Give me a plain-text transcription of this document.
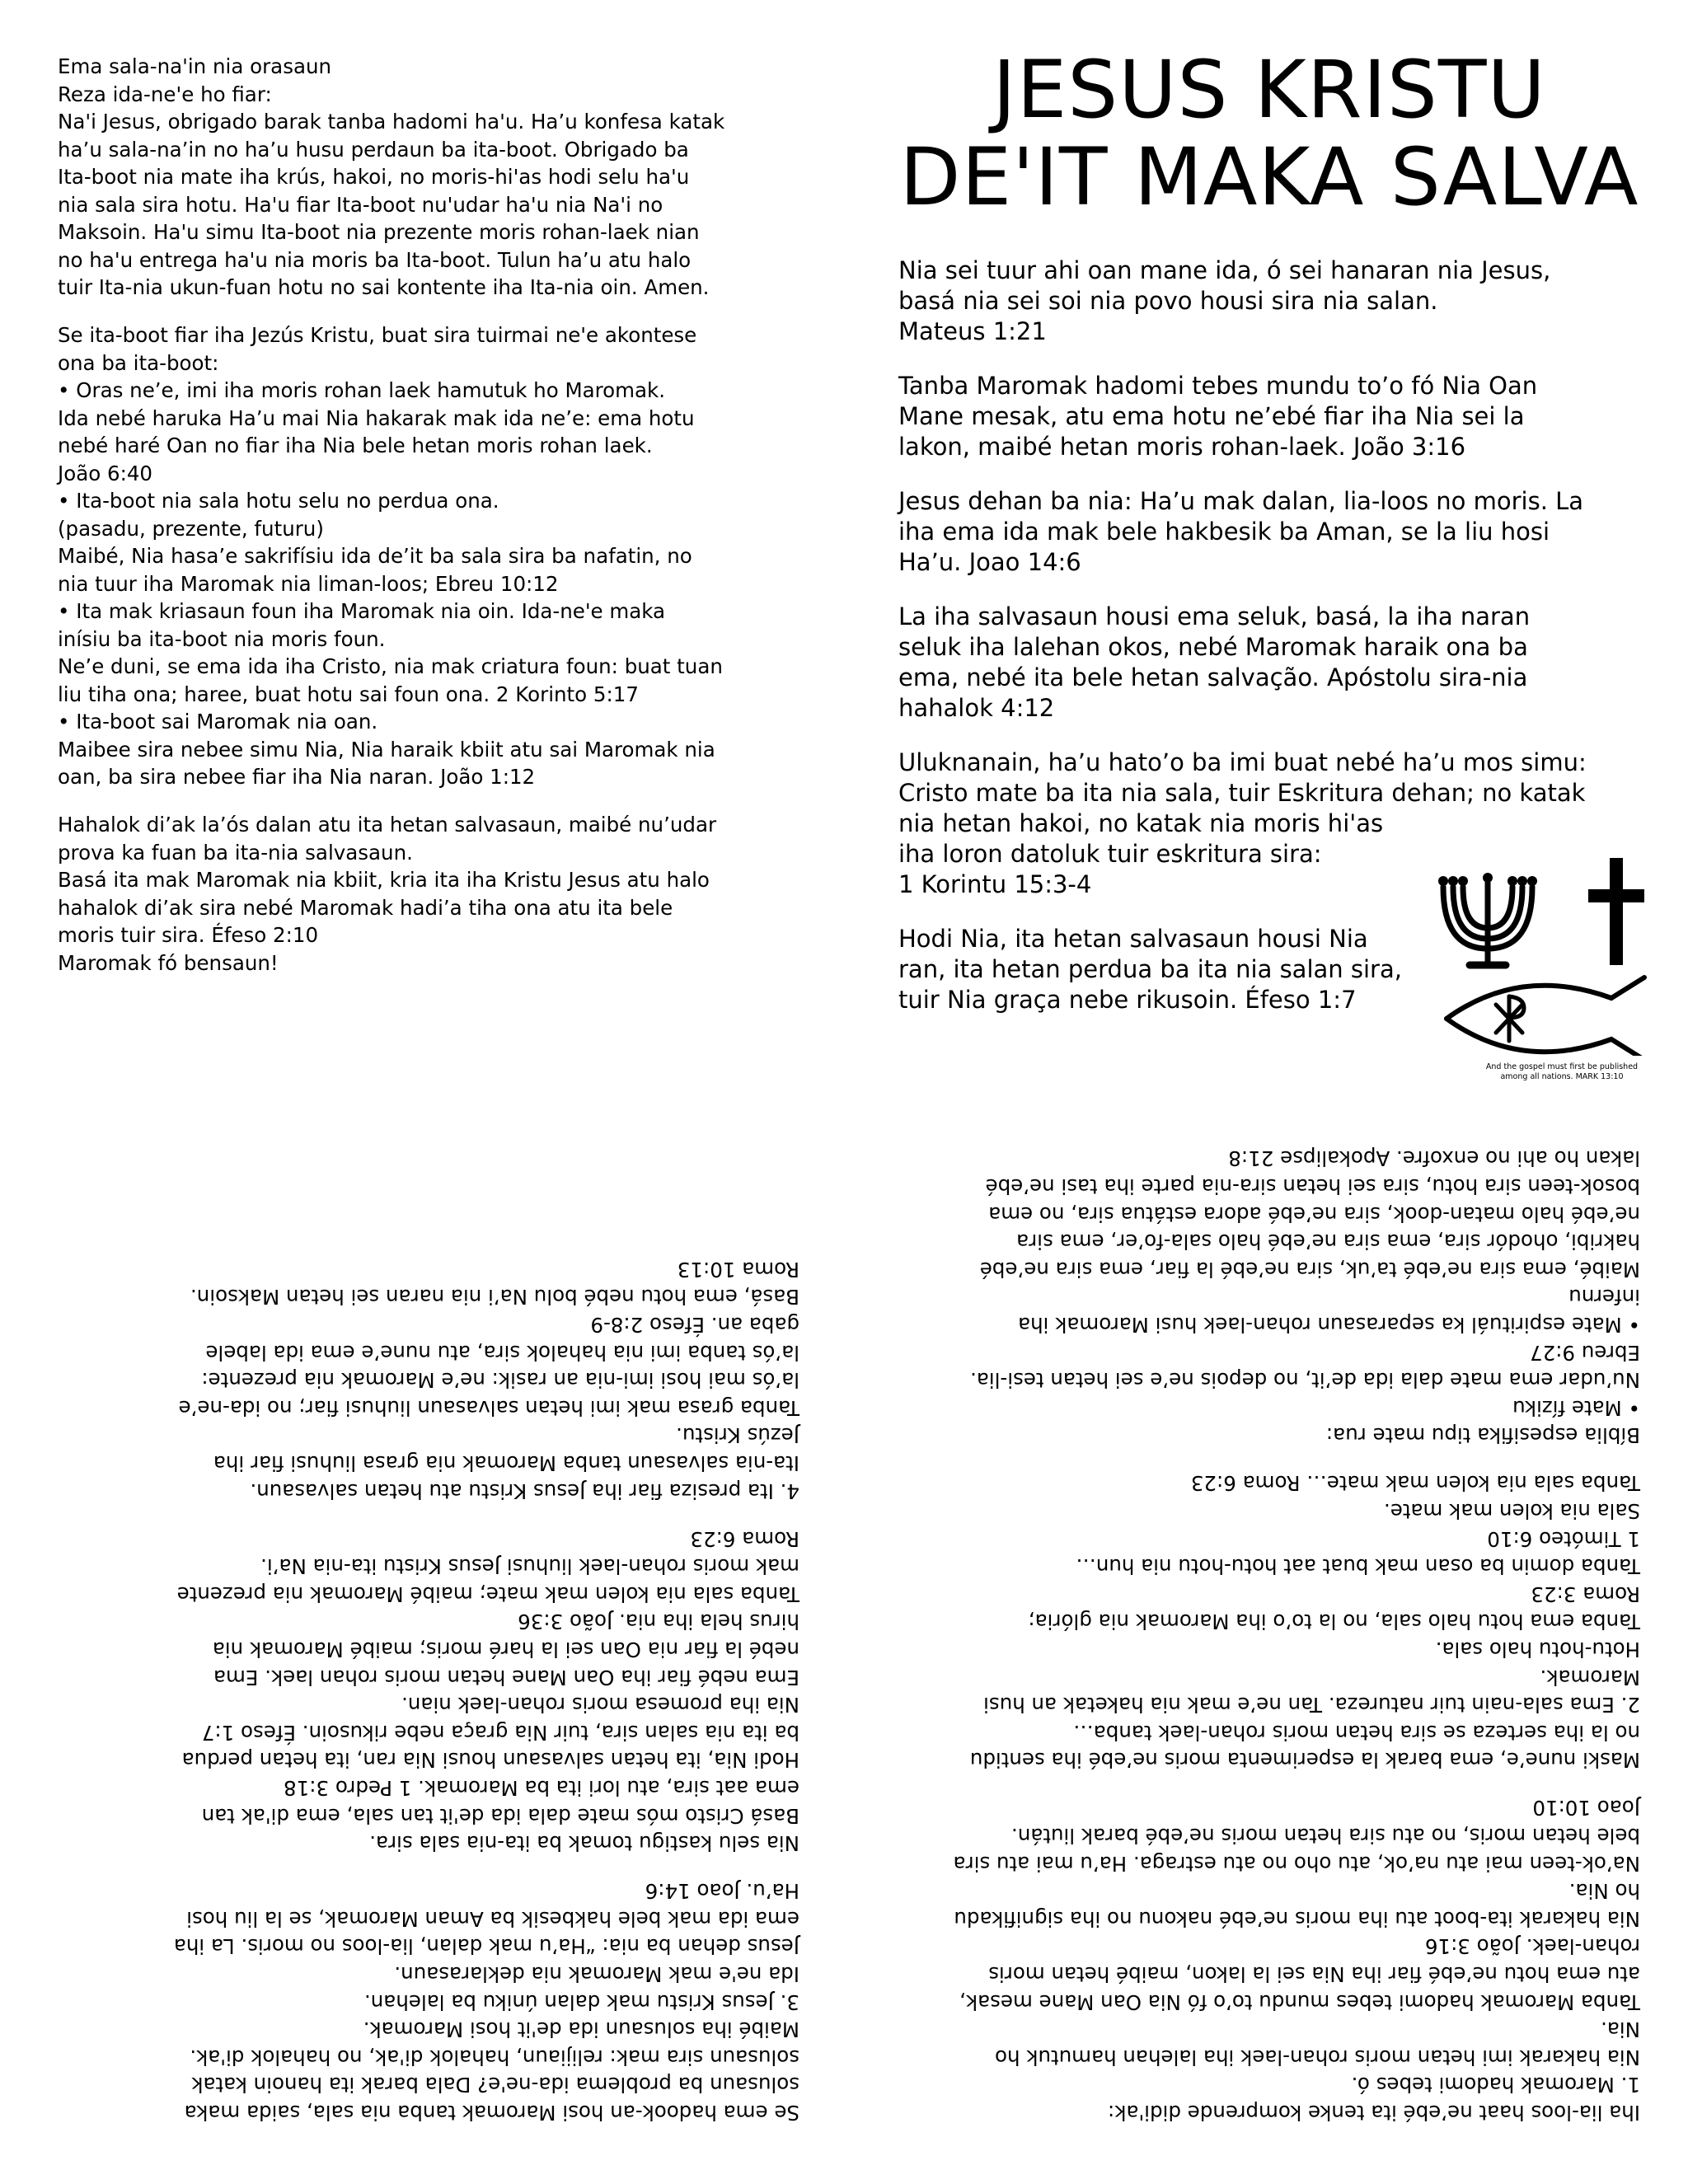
Ema sala-na'in nia orasaun
Reza ida-ne'e ho fiar:
Na'i Jesus, obrigado barak tanba hadomi ha'u. Ha’u konfesa katak
ha’u sala-na’in no ha’u husu perdaun ba ita-boot. Obrigado ba
Ita-boot nia mate iha krús, hakoi, no moris-hi'as hodi selu ha'u
nia sala sira hotu. Ha'u fiar Ita-boot nu'udar ha'u nia Na'i no
Maksoin. Ha'u simu Ita-boot nia prezente moris rohan-laek nian
no ha'u entrega ha'u nia moris ba Ita-boot. Tulun ha’u atu halo
tuir Ita-nia ukun-fuan hotu no sai kontente iha Ita-nia oin. Amen.
Se ita-boot fiar iha Jezús Kristu, buat sira tuirmai ne'e akontese
ona ba ita-boot:
• Oras ne’e, imi iha moris rohan laek hamutuk ho Maromak.
Ida nebé haruka Ha’u mai Nia hakarak mak ida ne’e: ema hotu
nebé haré Oan no fiar iha Nia bele hetan moris rohan laek.
João 6:40
• Ita-boot nia sala hotu selu no perdua ona.
(pasadu, prezente, futuru)
Maibé, Nia hasa’e sakrifísiu ida de’it ba sala sira ba nafatin, no
nia tuur iha Maromak nia liman-loos; Ebreu 10:12
• Ita mak kriasaun foun iha Maromak nia oin. Ida-ne'e maka
inísiu ba ita-boot nia moris foun.
Ne’e duni, se ema ida iha Cristo, nia mak criatura foun: buat tuan
liu tiha ona; haree, buat hotu sai foun ona. 2 Korinto 5:17
• Ita-boot sai Maromak nia oan.
Maibee sira nebee simu Nia, Nia haraik kbiit atu sai Maromak nia
oan, ba sira nebee fiar iha Nia naran. João 1:12
Hahalok di’ak la’ós dalan atu ita hetan salvasaun, maibé nu’udar
prova ka fuan ba ita-nia salvasaun.
Basá ita mak Maromak nia kbiit, kria ita iha Kristu Jesus atu halo
hahalok di’ak sira nebé Maromak hadi’a tiha ona atu ita bele
moris tuir sira. Éfeso 2:10
Maromak fó bensaun!
JESUS KRISTU
DE'IT MAKA SALVA
Nia sei tuur ahi oan mane ida, ó sei hanaran nia Jesus,
basá nia sei soi nia povo housi sira nia salan.
Mateus 1:21
Tanba Maromak hadomi tebes mundu to’o fó Nia Oan
Mane mesak, atu ema hotu ne’ebé fiar iha Nia sei la
lakon, maibé hetan moris rohan-laek. João 3:16
Jesus dehan ba nia: Ha’u mak dalan, lia-loos no moris. La
iha ema ida mak bele hakbesik ba Aman, se la liu hosi
Ha’u. Joao 14:6
La iha salvasaun housi ema seluk, basá, la iha naran
seluk iha lalehan okos, nebé Maromak haraik ona ba
ema, nebé ita bele hetan salvação. Apóstolu sira-nia
hahalok 4:12
Uluknanain, ha’u hato’o ba imi buat nebé ha’u mos simu:
Cristo mate ba ita nia sala, tuir Eskritura dehan; no katak
nia hetan hakoi, no katak nia moris hi'as
iha loron datoluk tuir eskritura sira:
1 Korintu 15:3-4
Hodi Nia, ita hetan salvasaun housi Nia
ran, ita hetan perdua ba ita nia salan sira,
tuir Nia graça nebe rikusoin. Éfeso 1:7
And the gospel must first be published
among all nations. MARK 13:10
Se ema hadook-an hosi Maromak tanba nia sala, saida maka
solusaun ba problema ida-ne'e? Dala barak ita hanoin katak
solusaun sira mak: relijiaun, hahalok di'ak, no hahalok di'ak.
Maibé iha solusaun ida de'it hosi Maromak.
3. Jesus Kristu mak dalan úniku ba lalehan.
Ida ne'e mak Maromak nia deklarasaun.
Jesus dehan ba nia: “Ha’u mak dalan, lia-loos no moris. La iha
ema ida mak bele hakbesik ba Aman Maromak, se la liu hosi
Ha’u. Joao 14:6
Nia selu kastigu tomak ba ita-nia sala sira.
Basá Cristo mós mate dala ida de'it tan sala, ema di'ak tan
ema aat sira, atu lori ita ba Maromak. 1 Pedro 3:18
Hodi Nia, ita hetan salvasaun housi Nia ran, ita hetan perdua
ba ita nia salan sira, tuir Nia graça nebe rikusoin. Éfeso 1:7
Nia iha promesa moris rohan-laek nian.
Ema nebé fiar iha Oan Mane hetan moris rohan laek. Ema
nebé la fiar nia Oan sei la haré moris; maibé Maromak nia
hirus hela iha nia. João 3:36
Tanba sala nia kolen mak mate; maibé Maromak nia prezente
mak moris rohan-laek liuhusi Jesus Kristu ita-nia Na’i.
Roma 6:23
4. Ita presiza fiar iha Jesus Kristu atu hetan salvasaun.
Ita-nia salvasaun tanba Maromak nia grasa liuhusi fiar iha
Jezús Kristu.
Tanba grasa mak imi hetan salvasaun liuhusi fiar; no ida-ne’e
la’ós mai hosi imi-nia an rasik: ne’e Maromak nia prezente:
la’ós tanba imi nia hahalok sira, atu nune’e ema ida labele
gaba an. Éfeso 2:8-9
Basá, ema hotu nebé bolu Na’i nia naran sei hetan Maksoin.
Roma 10:13
Iha lia-loos haat ne’ebé ita tenke komprende didi'ak:
1. Maromak hadomi tebes ó.
Nia hakarak imi hetan moris rohan-laek iha lalehan hamutuk ho
Nia.
Tanba Maromak hadomi tebes mundu to’o fó Nia Oan Mane mesak,
atu ema hotu ne’ebé fiar iha Nia sei la lakon, maibé hetan moris
rohan-laek. João 3:16
Nia hakarak ita-boot atu iha moris ne’ebé nakonu no iha signifikadu
ho Nia.
Na’ok-teen mai atu na’ok, atu oho no atu estraga. Ha’u mai atu sira
bele hetan moris, no atu sira hetan moris ne’ebé barak liután.
Joao 10:10
Maski nune’e, ema barak la esperimenta moris ne’ebé iha sentidu
no la iha serteza se sira hetan moris rohan-laek tanba…
2. Ema sala-nain tuir natureza. Tan ne’e mak nia haketak an husi
Maromak.
Hotu-hotu halo sala.
Tanba ema hotu halo sala, no la to’o iha Maromak nia glória;
Roma 3:23
Tanba domin ba osan mak buat aat hotu-hotu nia hun…
1 Timóteo 6:10
Sala nia kolen mak mate.
Tanba sala nia kolen mak mate… Roma 6:23
Bíblia espesifika tipu mate rua:
• Mate fíziku
Nu’udar ema mate dala ida de’it, no depois ne’e sei hetan tesi-lia.
Ebreu 9:27
• Mate espirituál ka separasaun rohan-laek husi Maromak iha
infernu
Maibé, ema sira ne’ebé ta’uk, sira ne’ebé la fiar, ema sira ne’ebé
hakribi, ohodór sira, ema sira ne’ebé halo sala-fo’er, ema sira
ne’ebé halo matan-dook, sira ne’ebé adora estátua sira, no ema
bosok-teen sira hotu, sira sei hetan sira-nia parte iha tasi ne’ebé
lakan ho ahi no enxofre. Apokalipse 21:8
